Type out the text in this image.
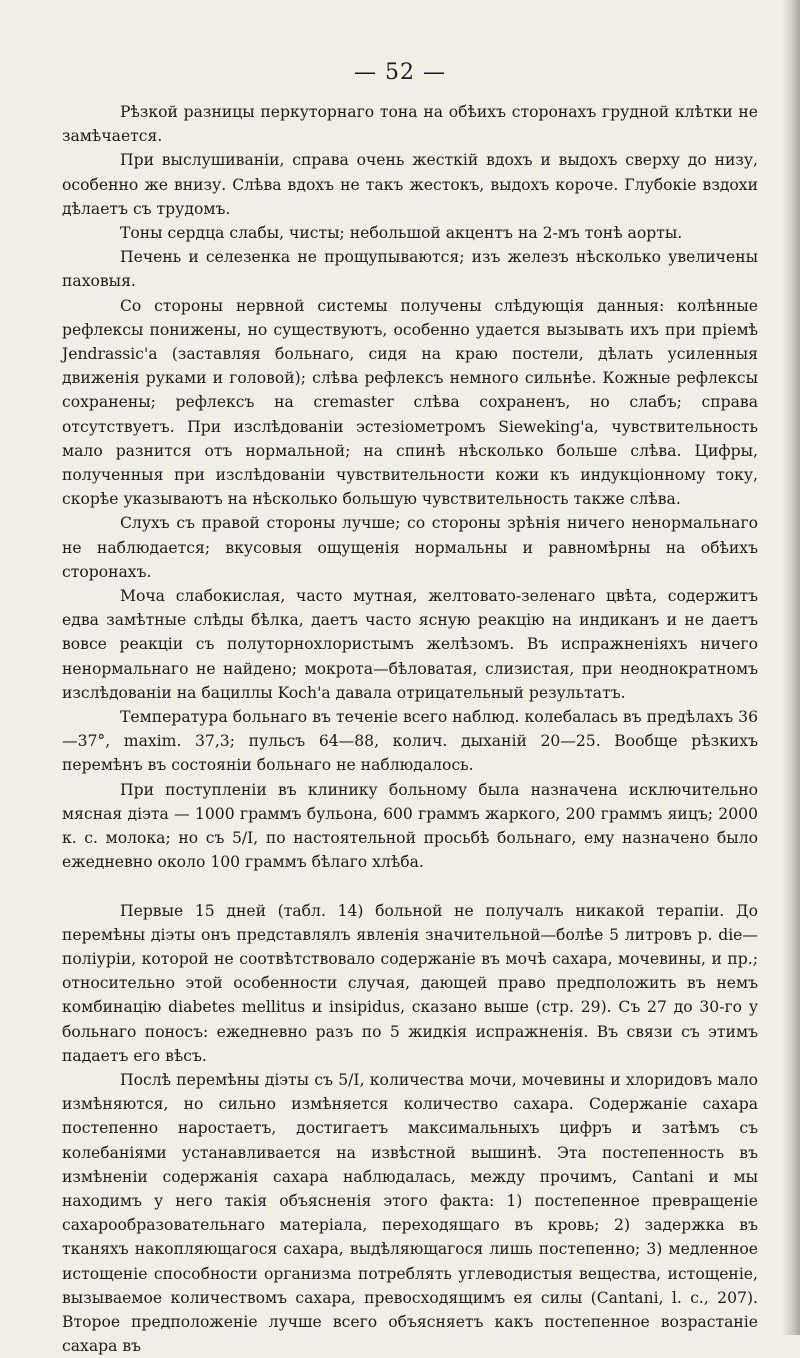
— 52 —

Рѣзкой разницы перкуторнаго тона на обѣихъ сторонахъ грудной клѣтки не замѣчается.

При выслушиваніи, справа очень жесткій вдохъ и выдохъ сверху до низу, особенно же внизу. Слѣва вдохъ не такъ жестокъ, выдохъ короче. Глубокіе вздохи дѣлаетъ съ трудомъ.

Тоны сердца слабы, чисты; небольшой акцентъ на 2-мъ тонѣ аорты.

Печень и селезенка не прощупываются; изъ железъ нѣсколько увеличены паховыя.

Со стороны нервной системы получены слѣдующія данныя: колѣнные рефлексы понижены, но существуютъ, особенно удается вызывать ихъ при пріемѣ Jendrassic'а (заставляя больнаго, сидя на краю постели, дѣлать усиленныя движенія руками и головой); слѣва рефлексъ немного сильнѣе. Кожные рефлексы сохранены; рефлексъ на cremaster слѣва сохраненъ, но слабъ; справа отсутствуетъ. При изслѣдованіи эстезіометромъ Sieweking'а, чувствительность мало разнится отъ нормальной; на спинѣ нѣсколько больше слѣва. Цифры, полученныя при изслѣдованіи чувствительности кожи къ индукціонному току, скорѣе указываютъ на нѣсколько большую чувствительность также слѣва.

Слухъ съ правой стороны лучше; со стороны зрѣнія ничего ненормальнаго не наблюдается; вкусовыя ощущенія нормальны и равномѣрны на обѣихъ сторонахъ.

Моча слабокислая, часто мутная, желтовато-зеленаго цвѣта, содержитъ едва замѣтные слѣды бѣлка, даетъ часто ясную реакцію на индиканъ и не даетъ вовсе реакціи съ полуторнохлористымъ желѣзомъ. Въ испражненіяхъ ничего ненормальнаго не найдено; мокрота—бѣловатая, слизистая, при неоднократномъ изслѣдованіи на бациллы Koch'а давала отрицательный результатъ.

Температура больнаго въ теченіе всего наблюд. колебалась въ предѣлахъ 36—37°, maxim. 37,3; пульсъ 64—88, колич. дыханій 20—25. Вообще рѣзкихъ перемѣнъ въ состояніи больнаго не наблюдалось.

При поступленіи въ клинику больному была назначена исключительно мясная діэта — 1000 граммъ бульона, 600 граммъ жаркого, 200 граммъ яицъ; 2000 к. с. молока; но съ 5/I, по настоятельной просьбѣ больнаго, ему назначено было ежедневно около 100 граммъ бѣлаго хлѣба.

Первые 15 дней (табл. 14) больной не получалъ никакой терапіи. До перемѣны діэты онъ представлялъ явленія значительной—болѣе 5 литровъ p. die—поліуріи, которой не соотвѣтствовало содержаніе въ мочѣ сахара, мочевины, и пр.; относительно этой особенности случая, дающей право предположить въ немъ комбинацію diabetes mellitus и insipidus, сказано выше (стр. 29). Съ 27 до 30-го у больнаго поносъ: ежедневно разъ по 5 жидкія испражненія. Въ связи съ этимъ падаетъ его вѣсъ.

Послѣ перемѣны діэты съ 5/I, количества мочи, мочевины и хлоридовъ мало измѣняются, но сильно измѣняется количество сахара. Содержаніе сахара постепенно наростаетъ, достигаетъ максимальныхъ цифръ и затѣмъ съ колебаніями устанавливается на извѣстной вышинѣ. Эта постепенность въ измѣненіи содержанія сахара наблюдалась, между прочимъ, Cantani и мы находимъ у него такія объясненія этого факта: 1) постепенное превращеніе сахарообразовательнаго матеріала, переходящаго въ кровь; 2) задержка въ тканяхъ накопляющагося сахара, выдѣляющагося лишь постепенно; 3) медленное истощеніе способности организма потреблять углеводистыя вещества, истощеніе, вызываемое количествомъ сахара, превосходящимъ ея силы (Cantani, l. c., 207). Второе предположеніе лучше всего объясняетъ какъ постепенное возрастаніе сахара въ
